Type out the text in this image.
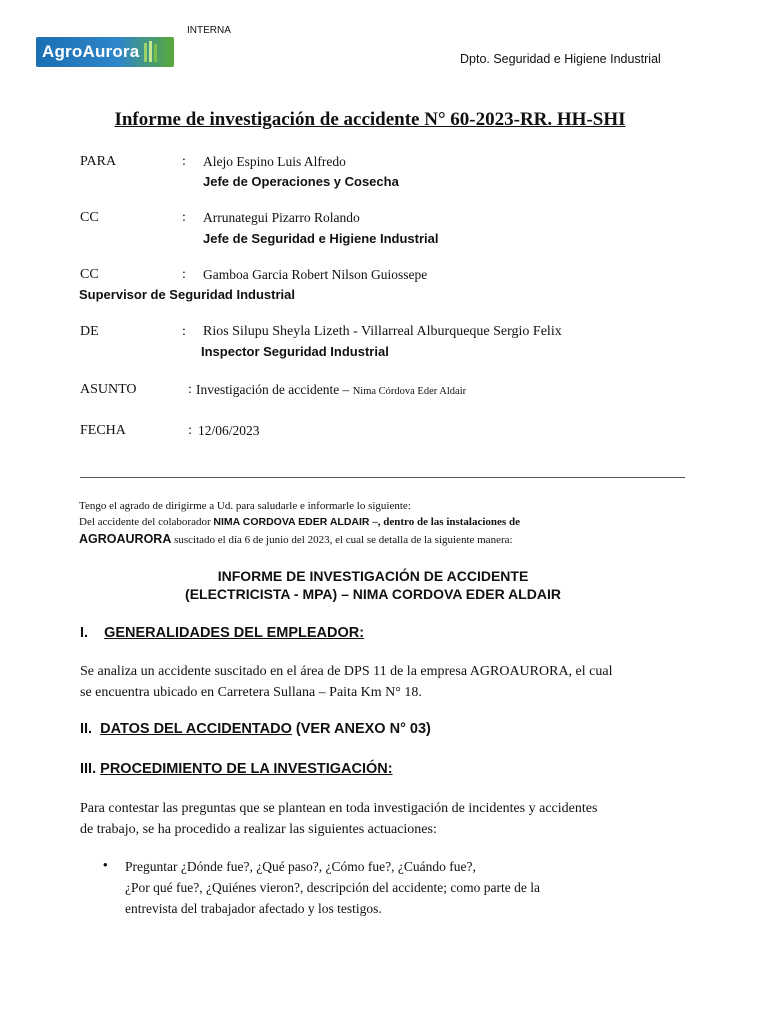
AgroAurora
INTERNA
Dpto. Seguridad e Higiene Industrial
Informe de investigación de accidente N° 60-2023-RR. HH-SHI
PARA	: Alejo Espino Luis Alfredo
Jefe de Operaciones y Cosecha
CC	: Arrunategui Pizarro Rolando
Jefe de Seguridad e Higiene Industrial
CC	: Gamboa Garcia Robert Nilson Guiossepe
Supervisor de Seguridad Industrial
DE	: Rios Silupu Sheyla Lizeth - Villarreal Alburqueque Sergio Felix
Inspector Seguridad Industrial
ASUNTO	: Investigación de accidente – Nima Córdova Eder Aldair
FECHA	: 12/06/2023
Tengo el agrado de dirigirme a Ud. para saludarle e informarle lo siguiente:
Del accidente del colaborador NIMA CORDOVA EDER ALDAIR –, dentro de las instalaciones de
AGROAURORA suscitado el día 6 de junio del 2023, el cual se detalla de la siguiente manera:
INFORME DE INVESTIGACIÓN DE ACCIDENTE
(ELECTRICISTA - MPA) – NIMA CORDOVA EDER ALDAIR
I. GENERALIDADES DEL EMPLEADOR:
Se analiza un accidente suscitado en el área de DPS 11 de la empresa AGROAURORA, el cual
se encuentra ubicado en Carretera Sullana – Paita Km N° 18.
II. DATOS DEL ACCIDENTADO (VER ANEXO N° 03)
III. PROCEDIMIENTO DE LA INVESTIGACIÓN:
Para contestar las preguntas que se plantean en toda investigación de incidentes y accidentes
de trabajo, se ha procedido a realizar las siguientes actuaciones:
• Preguntar ¿Dónde fue?, ¿Qué paso?, ¿Cómo fue?, ¿Cuándo fue?,
¿Por qué fue?, ¿Quiénes vieron?, descripción del accidente; como parte de la
entrevista del trabajador afectado y los testigos.
